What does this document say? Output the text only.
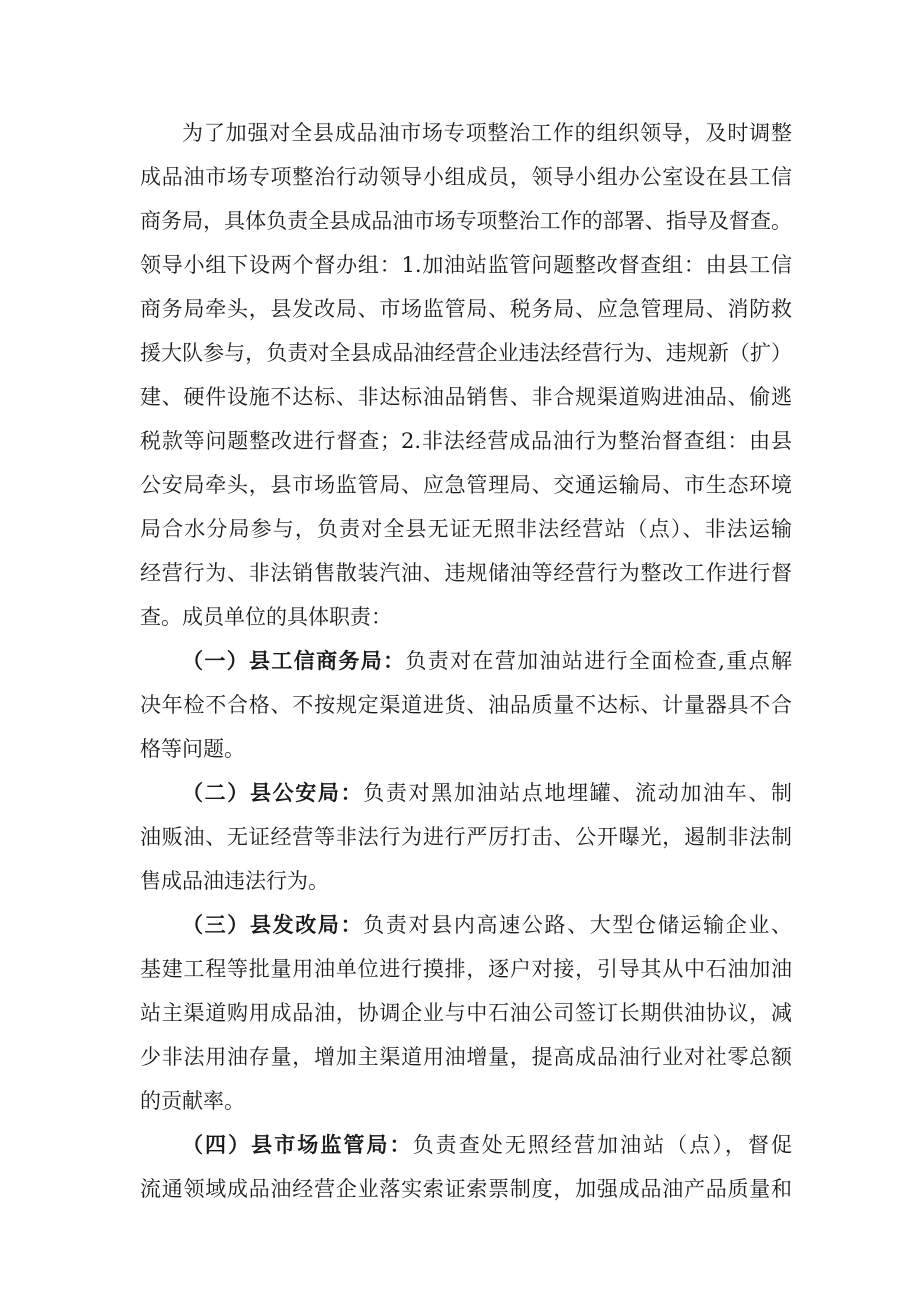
为了加强对全县成品油市场专项整治工作的组织领导，及时调整
成品油市场专项整治行动领导小组成员，领导小组办公室设在县工信
商务局，具体负责全县成品油市场专项整治工作的部署、指导及督查。
领导小组下设两个督办组：1.加油站监管问题整改督查组：由县工信
商务局牵头，县发改局、市场监管局、税务局、应急管理局、消防救
援大队参与，负责对全县成品油经营企业违法经营行为、违规新（扩）
建、硬件设施不达标、非达标油品销售、非合规渠道购进油品、偷逃
税款等问题整改进行督查；2.非法经营成品油行为整治督查组：由县
公安局牵头，县市场监管局、应急管理局、交通运输局、市生态环境
局合水分局参与，负责对全县无证无照非法经营站（点）、非法运输
经营行为、非法销售散装汽油、违规储油等经营行为整改工作进行督
查。成员单位的具体职责：
（一）县工信商务局：负责对在营加油站进行全面检查,重点解
决年检不合格、不按规定渠道进货、油品质量不达标、计量器具不合
格等问题。
（二）县公安局：负责对黑加油站点地埋罐、流动加油车、制
油贩油、无证经营等非法行为进行严厉打击、公开曝光，遏制非法制
售成品油违法行为。
（三）县发改局：负责对县内高速公路、大型仓储运输企业、
基建工程等批量用油单位进行摸排，逐户对接，引导其从中石油加油
站主渠道购用成品油，协调企业与中石油公司签订长期供油协议，减
少非法用油存量，增加主渠道用油增量，提高成品油行业对社零总额
的贡献率。
（四）县市场监管局：负责查处无照经营加油站（点），督促
流通领域成品油经营企业落实索证索票制度，加强成品油产品质量和
